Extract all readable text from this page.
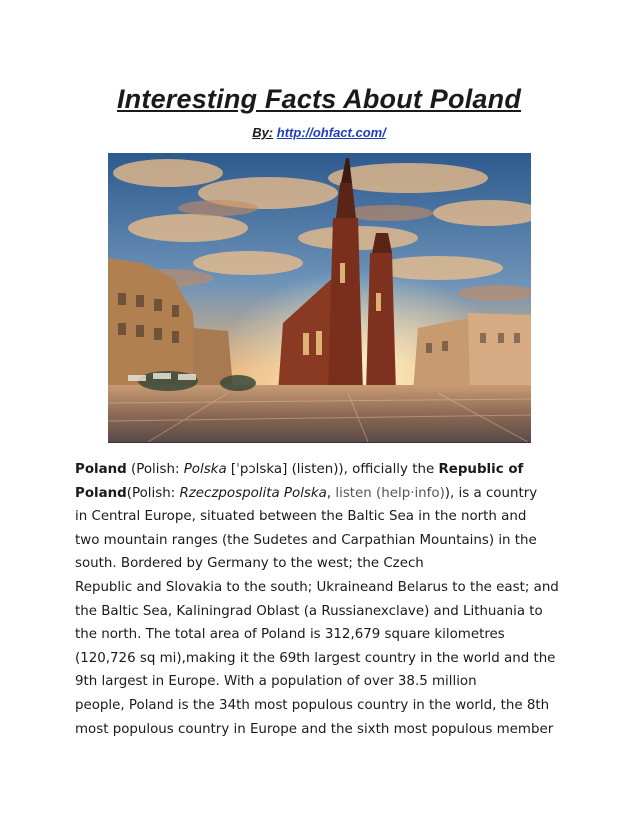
Interesting Facts About Poland
By: http://ohfact.com/
Poland (Polish: Polska [ˈpɔlska] (listen)), officially the Republic of
Poland(Polish: Rzeczpospolita Polska, listen (help·info)), is a country
in Central Europe, situated between the Baltic Sea in the north and
two mountain ranges (the Sudetes and Carpathian Mountains) in the
south. Bordered by Germany to the west; the Czech
Republic and Slovakia to the south; Ukraineand Belarus to the east; and
the Baltic Sea, Kaliningrad Oblast (a Russianexclave) and Lithuania to
the north. The total area of Poland is 312,679 square kilometres
(120,726 sq mi),making it the 69th largest country in the world and the
9th largest in Europe. With a population of over 38.5 million
people, Poland is the 34th most populous country in the world, the 8th
most populous country in Europe and the sixth most populous member
